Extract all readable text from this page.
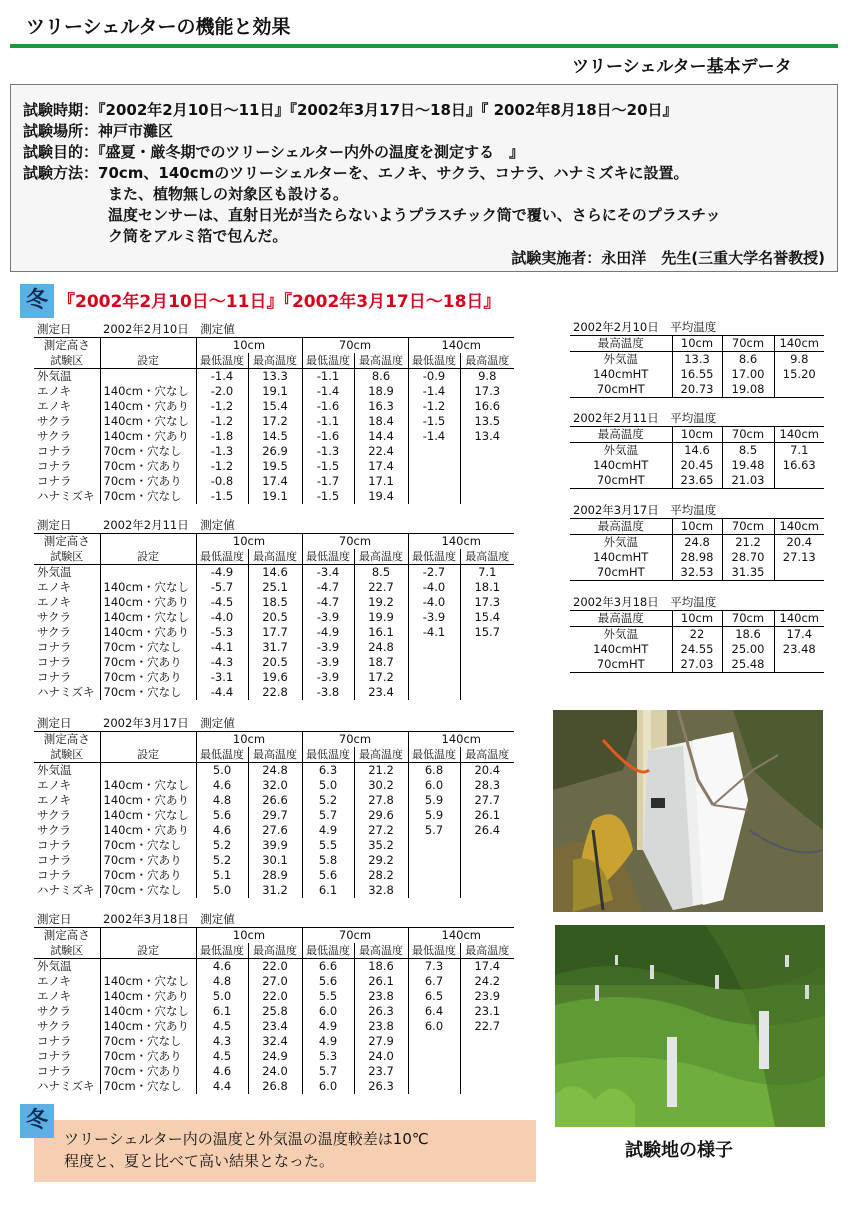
ツリーシェルターの機能と効果
ツリーシェルター基本データ
試験時期：『2002年2月10日〜11日』『2002年3月17日〜18日』『 2002年8月18日〜20日』
試験場所：神戸市灘区
試験目的：『盛夏・厳冬期でのツリーシェルター内外の温度を測定する　』
試験方法：70cm、140cmのツリーシェルターを、エノキ、サクラ、コナラ、ハナミズキに設置。
また、植物無しの対象区も設ける。
温度センサーは、直射日光が当たらないようプラスチック筒で覆い、さらにそのプラスチッ
ク筒をアルミ箔で包んだ。
試験実施者：永田洋　先生(三重大学名誉教授)
冬 『2002年2月10日〜11日』『2002年3月17日〜18日』
測定日	2002年2月10日　 測定値						
測定高さ		10cm		70cm		140cm	
試験区	設定	最低温度	最高温度	最低温度	最高温度	最低温度	最高温度
外気温		-1.4	13.3	-1.1	8.6	-0.9	9.8
エノキ	140cm・穴なし	-2.0	19.1	-1.4	18.9	-1.4	17.3
エノキ	140cm・穴あり	-1.2	15.4	-1.6	16.3	-1.2	16.6
サクラ	140cm・穴なし	-1.2	17.2	-1.1	18.4	-1.5	13.5
サクラ	140cm・穴あり	-1.8	14.5	-1.6	14.4	-1.4	13.4
コナラ	70cm・穴なし	-1.3	26.9	-1.3	22.4		
コナラ	70cm・穴あり	-1.2	19.5	-1.5	17.4		
コナラ	70cm・穴あり	-0.8	17.4	-1.7	17.1		
ハナミズキ	70cm・穴なし	-1.5	19.1	-1.5	19.4		
測定日	2002年2月11日　 測定値						
測定高さ		10cm		70cm		140cm	
試験区	設定	最低温度	最高温度	最低温度	最高温度	最低温度	最高温度
外気温		-4.9	14.6	-3.4	8.5	-2.7	7.1
エノキ	140cm・穴なし	-5.7	25.1	-4.7	22.7	-4.0	18.1
エノキ	140cm・穴あり	-4.5	18.5	-4.7	19.2	-4.0	17.3
サクラ	140cm・穴なし	-4.0	20.5	-3.9	19.9	-3.9	15.4
サクラ	140cm・穴あり	-5.3	17.7	-4.9	16.1	-4.1	15.7
コナラ	70cm・穴なし	-4.1	31.7	-3.9	24.8		
コナラ	70cm・穴あり	-4.3	20.5	-3.9	18.7		
コナラ	70cm・穴あり	-3.1	19.6	-3.9	17.2		
ハナミズキ	70cm・穴なし	-4.4	22.8	-3.8	23.4		
測定日	2002年3月17日　 測定値						
測定高さ		10cm		70cm		140cm	
試験区	設定	最低温度	最高温度	最低温度	最高温度	最低温度	最高温度
外気温		5.0	24.8	6.3	21.2	6.8	20.4
エノキ	140cm・穴なし	4.6	32.0	5.0	30.2	6.0	28.3
エノキ	140cm・穴あり	4.8	26.6	5.2	27.8	5.9	27.7
サクラ	140cm・穴なし	5.6	29.7	5.7	29.6	5.9	26.1
サクラ	140cm・穴あり	4.6	27.6	4.9	27.2	5.7	26.4
コナラ	70cm・穴なし	5.2	39.9	5.5	35.2		
コナラ	70cm・穴あり	5.2	30.1	5.8	29.2		
コナラ	70cm・穴あり	5.1	28.9	5.6	28.2		
ハナミズキ	70cm・穴なし	5.0	31.2	6.1	32.8		
測定日	2002年3月18日　 測定値						
測定高さ		10cm		70cm		140cm	
試験区	設定	最低温度	最高温度	最低温度	最高温度	最低温度	最高温度
外気温		4.6	22.0	6.6	18.6	7.3	17.4
エノキ	140cm・穴なし	4.8	27.0	5.6	26.1	6.7	24.2
エノキ	140cm・穴あり	5.0	22.0	5.5	23.8	6.5	23.9
サクラ	140cm・穴なし	6.1	25.8	6.0	26.3	6.4	23.1
サクラ	140cm・穴あり	4.5	23.4	4.9	23.8	6.0	22.7
コナラ	70cm・穴なし	4.3	32.4	4.9	27.9		
コナラ	70cm・穴あり	4.5	24.9	5.3	24.0		
コナラ	70cm・穴あり	4.6	24.0	5.7	23.7		
ハナミズキ	70cm・穴なし	4.4	26.8	6.0	26.3		
2002年2月10日　平均温度			
最高温度	10cm	70cm	140cm
外気温	13.3	8.6	9.8
140cmHT	16.55	17.00	15.20
70cmHT	20.73	19.08	
2002年2月11日　平均温度			
最高温度	10cm	70cm	140cm
外気温	14.6	8.5	7.1
140cmHT	20.45	19.48	16.63
70cmHT	23.65	21.03	
2002年3月17日　平均温度			
最高温度	10cm	70cm	140cm
外気温	24.8	21.2	20.4
140cmHT	28.98	28.70	27.13
70cmHT	32.53	31.35	
2002年3月18日　平均温度			
最高温度	10cm	70cm	140cm
外気温	22	18.6	17.4
140cmHT	24.55	25.00	23.48
70cmHT	27.03	25.48	
試験地の様子
冬
ツリーシェルター内の温度と外気温の温度較差は10℃
程度と、夏と比べて高い結果となった。
